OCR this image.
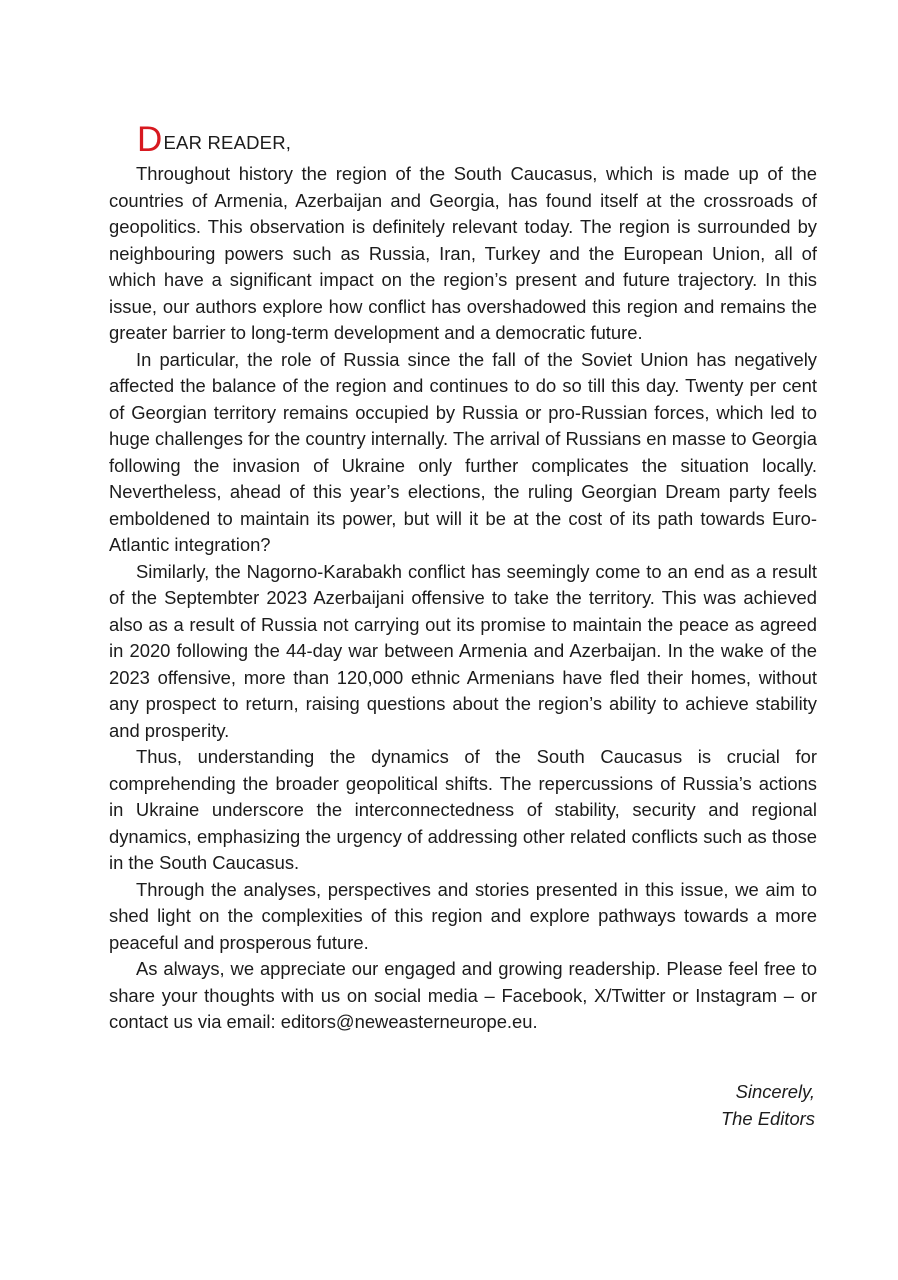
DEAR READER,

Throughout history the region of the South Caucasus, which is made up of the countries of Armenia, Azerbaijan and Georgia, has found itself at the crossroads of geopolitics. This observation is definitely relevant today. The region is surrounded by neighbouring powers such as Russia, Iran, Turkey and the European Union, all of which have a significant impact on the region’s present and future trajectory. In this issue, our authors explore how conflict has overshadowed this region and remains the greater barrier to long-term development and a democratic future.

In particular, the role of Russia since the fall of the Soviet Union has negatively affected the balance of the region and continues to do so till this day. Twenty per cent of Georgian territory remains occupied by Russia or pro-Russian forces, which led to huge challenges for the country internally. The arrival of Russians en masse to Georgia following the invasion of Ukraine only further complicates the situation locally. Nevertheless, ahead of this year’s elections, the ruling Georgian Dream party feels emboldened to maintain its power, but will it be at the cost of its path towards Euro-Atlantic integration?

Similarly, the Nagorno-Karabakh conflict has seemingly come to an end as a result of the Septembter 2023 Azerbaijani offensive to take the territory. This was achieved also as a result of Russia not carrying out its promise to maintain the peace as agreed in 2020 following the 44-day war between Armenia and Azerbaijan. In the wake of the 2023 offensive, more than 120,000 ethnic Armenians have fled their homes, without any prospect to return, raising questions about the region’s ability to achieve stability and prosperity.

Thus, understanding the dynamics of the South Caucasus is crucial for comprehending the broader geopolitical shifts. The repercussions of Russia’s actions in Ukraine underscore the interconnectedness of stability, security and regional dynamics, emphasizing the urgency of addressing other related conflicts such as those in the South Caucasus.

Through the analyses, perspectives and stories presented in this issue, we aim to shed light on the complexities of this region and explore pathways towards a more peaceful and prosperous future.

As always, we appreciate our engaged and growing readership. Please feel free to share your thoughts with us on social media – Facebook, X/Twitter or Instagram – or contact us via email: editors@neweasterneurope.eu.

Sincerely,
The Editors
